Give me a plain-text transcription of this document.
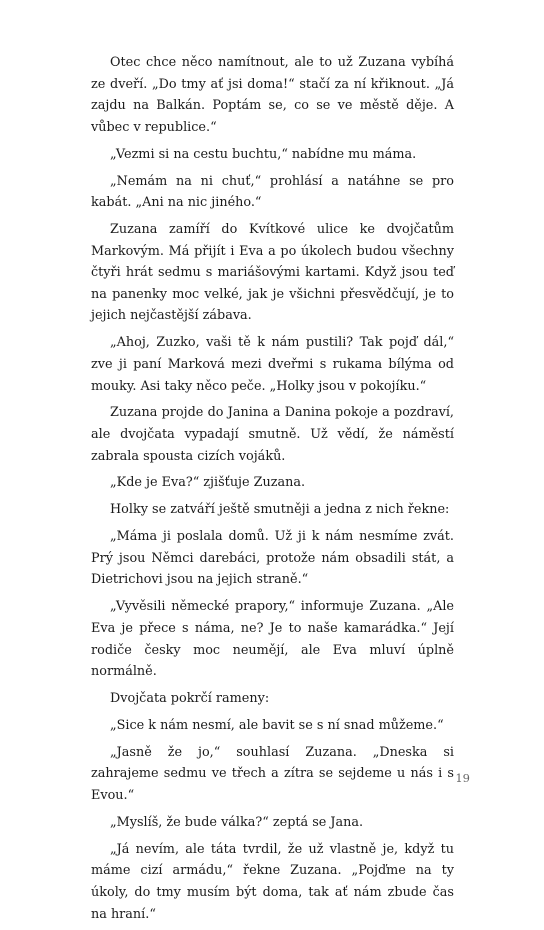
Otec chce něco namítnout, ale to už Zuzana vybíhá ze dveří. „Do tmy ať jsi doma!“ stačí za ní křiknout. „Já zajdu na Balkán. Poptám se, co se ve městě děje. A vůbec v republice.“

„Vezmi si na cestu buchtu,“ nabídne mu máma.

„Nemám na ni chuť,“ prohlásí a natáhne se pro kabát. „Ani na nic jiného.“

Zuzana zamíří do Kvítkové ulice ke dvojčatům Markovým. Má přijít i Eva a po úkolech budou všechny čtyři hrát sedmu s mariášovými kartami. Když jsou teď na panenky moc velké, jak je všichni přesvědčují, je to jejich nejčastější zábava.

„Ahoj, Zuzko, vaši tě k nám pustili? Tak pojď dál,“ zve ji paní Marková mezi dveřmi s rukama bílýma od mouky. Asi taky něco peče. „Holky jsou v pokojíku.“

Zuzana projde do Janina a Danina pokoje a pozdraví, ale dvojčata vypadají smutně. Už vědí, že náměstí zabrala spousta cizích vojáků.

„Kde je Eva?“ zjišťuje Zuzana.

Holky se zatváří ještě smutněji a jedna z nich řekne:

„Máma ji poslala domů. Už ji k nám nesmíme zvát. Prý jsou Němci darebáci, protože nám obsadili stát, a Dietrichovi jsou na jejich straně.“

„Vyvěsili německé prapory,“ informuje Zuzana. „Ale Eva je přece s náma, ne? Je to naše kamarádka.“ Její rodiče česky moc neumějí, ale Eva mluví úplně normálně.

Dvojčata pokrčí rameny:

„Sice k nám nesmí, ale bavit se s ní snad můžeme.“

„Jasně že jo,“ souhlasí Zuzana. „Dneska si zahrajeme sedmu ve třech a zítra se sejdeme u nás i s Evou.“

„Myslíš, že bude válka?“ zeptá se Jana.

„Já nevím, ale táta tvrdil, že už vlastně je, když tu máme cizí armádu,“ řekne Zuzana. „Pojďme na ty úkoly, do tmy musím být doma, tak ať nám zbude čas na hraní.“

19
